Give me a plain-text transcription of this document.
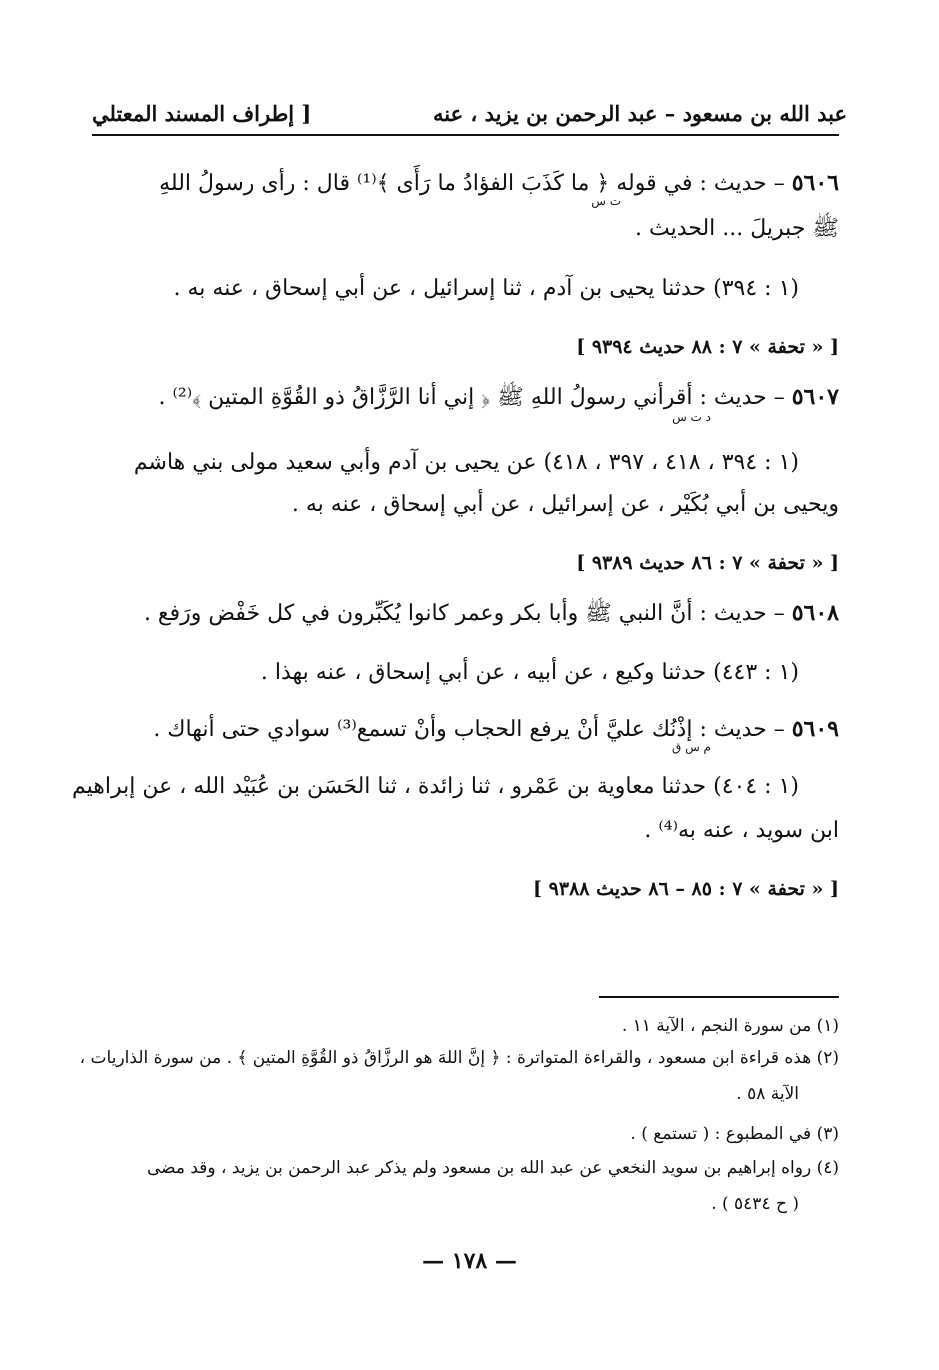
عبد الله بن مسعود – عبد الرحمن بن يزيد ، عنه
[ إطراف المسند المعتلي
٥٦٠٦ – حديث : في قوله ﴿ ما كَذَبَ الفؤادُ ما رَأَى ﴾⁽¹⁾ قال : رأى رسولُ اللهِ
ت س
ﷺ جبريلَ ... الحديث .
(١ : ٣٩٤) حدثنا يحيى بن آدم ، ثنا إسرائيل ، عن أبي إسحاق ، عنه به .
[ « تحفة » ٧ : ٨٨ حديث ٩٣٩٤ ]
٥٦٠٧ – حديث : أقرأني رسولُ اللهِ ﷺ ﴿ إني أنا الرَّزَّاقُ ذو القُوَّةِ المتين ﴾⁽²⁾ .
د ت س
(١ : ٣٩٤ ، ٤١٨ ، ٣٩٧ ، ٤١٨) عن يحيى بن آدم وأبي سعيد مولى بني هاشم
ويحيى بن أبي بُكَيْر ، عن إسرائيل ، عن أبي إسحاق ، عنه به .
[ « تحفة » ٧ : ٨٦ حديث ٩٣٨٩ ]
٥٦٠٨ – حديث : أنَّ النبي ﷺ وأبا بكر وعمر كانوا يُكَبِّرون في كل خَفْض ورَفع .
(١ : ٤٤٣) حدثنا وكيع ، عن أبيه ، عن أبي إسحاق ، عنه بهذا .
٥٦٠٩ – حديث : إذْنُك عليَّ أنْ يرفع الحجاب وأنْ تسمع⁽³⁾ سوادي حتى أنهاك .
م س ق
(١ : ٤٠٤) حدثنا معاوية بن عَمْرو ، ثنا زائدة ، ثنا الحَسَن بن عُبَيْد الله ، عن إبراهيم
ابن سويد ، عنه به⁽⁴⁾ .
[ « تحفة » ٧ : ٨٥ – ٨٦ حديث ٩٣٨٨ ]
(١) من سورة النجم ، الآية ١١ .
(٢) هذه قراءة ابن مسعود ، والقراءة المتواترة : ﴿ إنَّ اللهَ هو الرزَّاقُ ذو القُوَّةِ المتين ﴾ . من سورة الذاريات ،
الآية ٥٨ .
(٣) في المطبوع : ( تستمع ) .
(٤) رواه إبراهيم بن سويد النخعي عن عبد الله بن مسعود ولم يذكر عبد الرحمن بن يزيد ، وقد مضى
( ح ٥٤٣٤ ) .
— ١٧٨ —
